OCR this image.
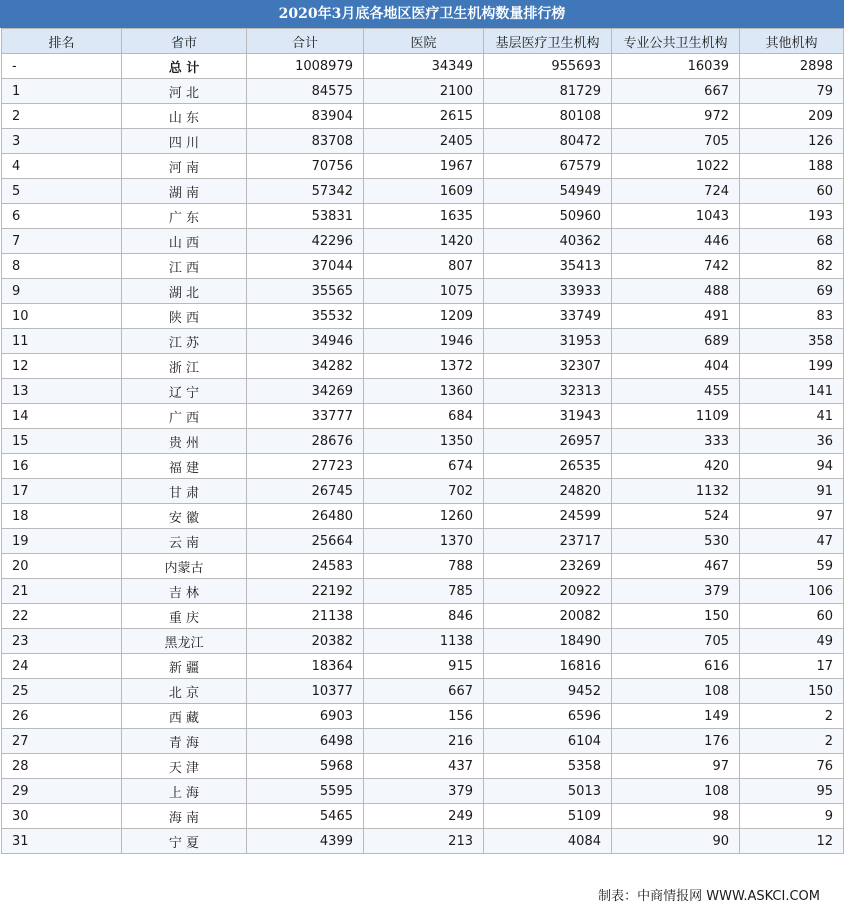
2020年3月底各地区医疗卫生机构数量排行榜
排名	省市	合计	医院	基层医疗卫生机构	专业公共卫生机构	其他机构
-	总 计	1008979	34349	955693	16039	2898
1	河 北	84575	2100	81729	667	79
2	山 东	83904	2615	80108	972	209
3	四 川	83708	2405	80472	705	126
4	河 南	70756	1967	67579	1022	188
5	湖 南	57342	1609	54949	724	60
6	广 东	53831	1635	50960	1043	193
7	山 西	42296	1420	40362	446	68
8	江 西	37044	807	35413	742	82
9	湖 北	35565	1075	33933	488	69
10	陕 西	35532	1209	33749	491	83
11	江 苏	34946	1946	31953	689	358
12	浙 江	34282	1372	32307	404	199
13	辽 宁	34269	1360	32313	455	141
14	广 西	33777	684	31943	1109	41
15	贵 州	28676	1350	26957	333	36
16	福 建	27723	674	26535	420	94
17	甘 肃	26745	702	24820	1132	91
18	安 徽	26480	1260	24599	524	97
19	云 南	25664	1370	23717	530	47
20	内蒙古	24583	788	23269	467	59
21	吉 林	22192	785	20922	379	106
22	重 庆	21138	846	20082	150	60
23	黑龙江	20382	1138	18490	705	49
24	新 疆	18364	915	16816	616	17
25	北 京	10377	667	9452	108	150
26	西 藏	6903	156	6596	149	2
27	青 海	6498	216	6104	176	2
28	天 津	5968	437	5358	97	76
29	上 海	5595	379	5013	108	95
30	海 南	5465	249	5109	98	9
31	宁 夏	4399	213	4084	90	12
制表：中商情报网 WWW.ASKCI.COM
